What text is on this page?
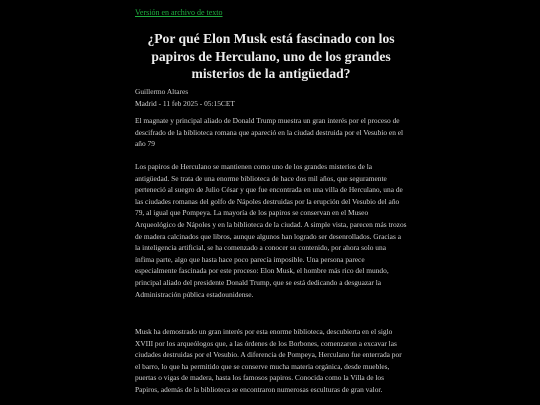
Versión en archivo de texto
¿Por qué Elon Musk está fascinado con los papiros de Herculano, uno de los grandes misterios de la antigüedad?
Guillermo Altares
Madrid - 11 feb 2025 - 05:15CET

El magnate y principal aliado de Donald Trump muestra un gran interés por el proceso de descifrado de la biblioteca romana que apareció en la ciudad destruida por el Vesubio en el año 79

Los papiros de Herculano se mantienen como uno de los grandes misterios de la antigüedad. Se trata de una enorme biblioteca de hace dos mil años, que seguramente perteneció al suegro de Julio César y que fue encontrada en una villa de Herculano, una de las ciudades romanas del golfo de Nápoles destruidas por la erupción del Vesubio del año 79, al igual que Pompeya. La mayoría de los papiros se conservan en el Museo Arqueológico de Nápoles y en la biblioteca de la ciudad. A simple vista, parecen más trozos de madera calcinados que libros, aunque algunos han logrado ser desenrollados. Gracias a la inteligencia artificial, se ha comenzado a conocer su contenido, por ahora solo una ínfima parte, algo que hasta hace poco parecía imposible. Una persona parece especialmente fascinada por este proceso: Elon Musk, el hombre más rico del mundo, principal aliado del presidente Donald Trump, que se está dedicando a desguazar la Administración pública estadounidense.

Musk ha demostrado un gran interés por esta enorme biblioteca, descubierta en el siglo XVIII por los arqueólogos que, a las órdenes de los Borbones, comenzaron a excavar las ciudades destruidas por el Vesubio. A diferencia de Pompeya, Herculano fue enterrada por el barro, lo que ha permitido que se conserve mucha materia orgánica, desde muebles, puertas o vigas de madera, hasta los famosos papiros. Conocida como la Villa de los Papiros, además de la biblioteca se encontraron numerosas esculturas de gran valor.
